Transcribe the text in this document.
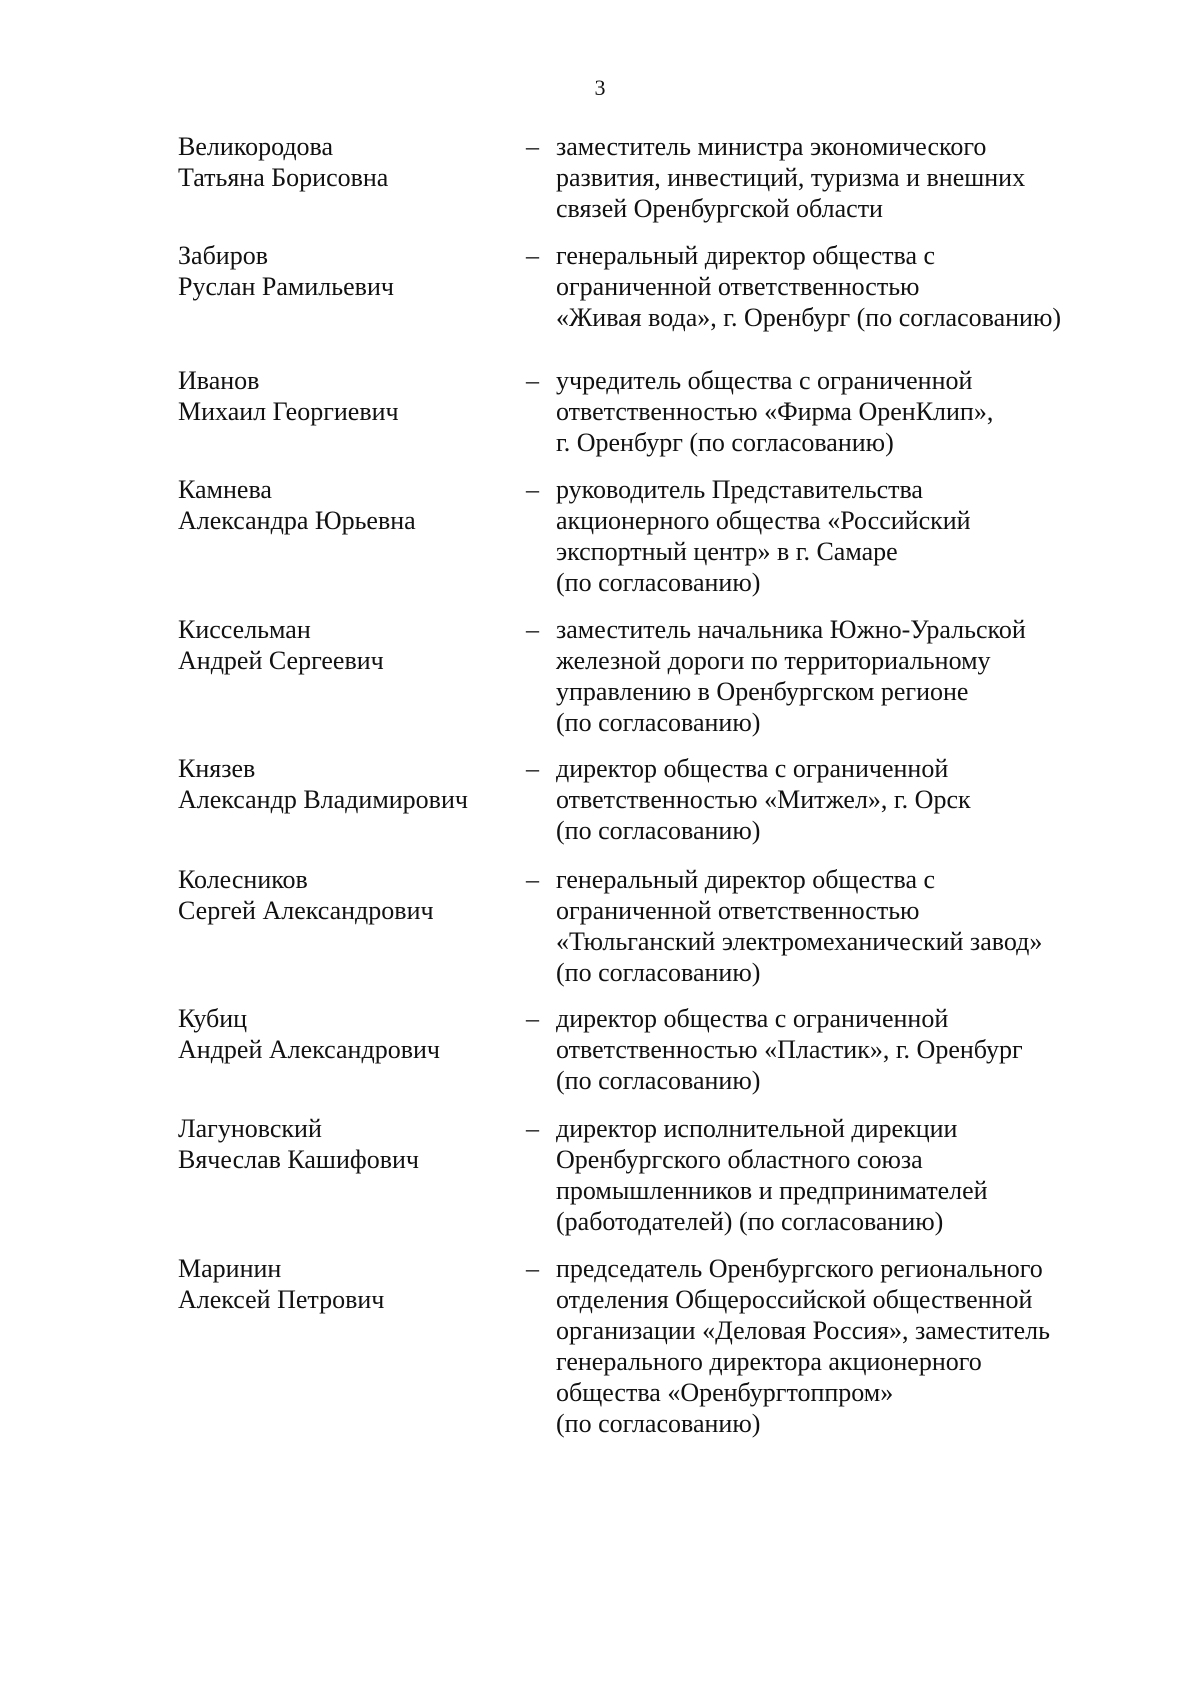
3
Великородова
Татьяна Борисовна
– заместитель министра экономического
развития, инвестиций, туризма и внешних
связей Оренбургской области
Забиров
Руслан Рамильевич
– генеральный директор общества с
ограниченной ответственностью
«Живая вода», г. Оренбург (по согласованию)
Иванов
Михаил Георгиевич
– учредитель общества с ограниченной
ответственностью «Фирма ОренКлип»,
г. Оренбург (по согласованию)
Камнева
Александра Юрьевна
– руководитель Представительства
акционерного общества «Российский
экспортный центр» в г. Самаре
(по согласованию)
Киссельман
Андрей Сергеевич
– заместитель начальника Южно-Уральской
железной дороги по территориальному
управлению в Оренбургском регионе
(по согласованию)
Князев
Александр Владимирович
– директор общества с ограниченной
ответственностью «Митжел», г. Орск
(по согласованию)
Колесников
Сергей Александрович
– генеральный директор общества с
ограниченной ответственностью
«Тюльганский электромеханический завод»
(по согласованию)
Кубиц
Андрей Александрович
– директор общества с ограниченной
ответственностью «Пластик», г. Оренбург
(по согласованию)
Лагуновский
Вячеслав Кашифович
– директор исполнительной дирекции
Оренбургского областного союза
промышленников и предпринимателей
(работодателей) (по согласованию)
Маринин
Алексей Петрович
– председатель Оренбургского регионального
отделения Общероссийской общественной
организации «Деловая Россия», заместитель
генерального директора акционерного
общества «Оренбургтоппром»
(по согласованию)
